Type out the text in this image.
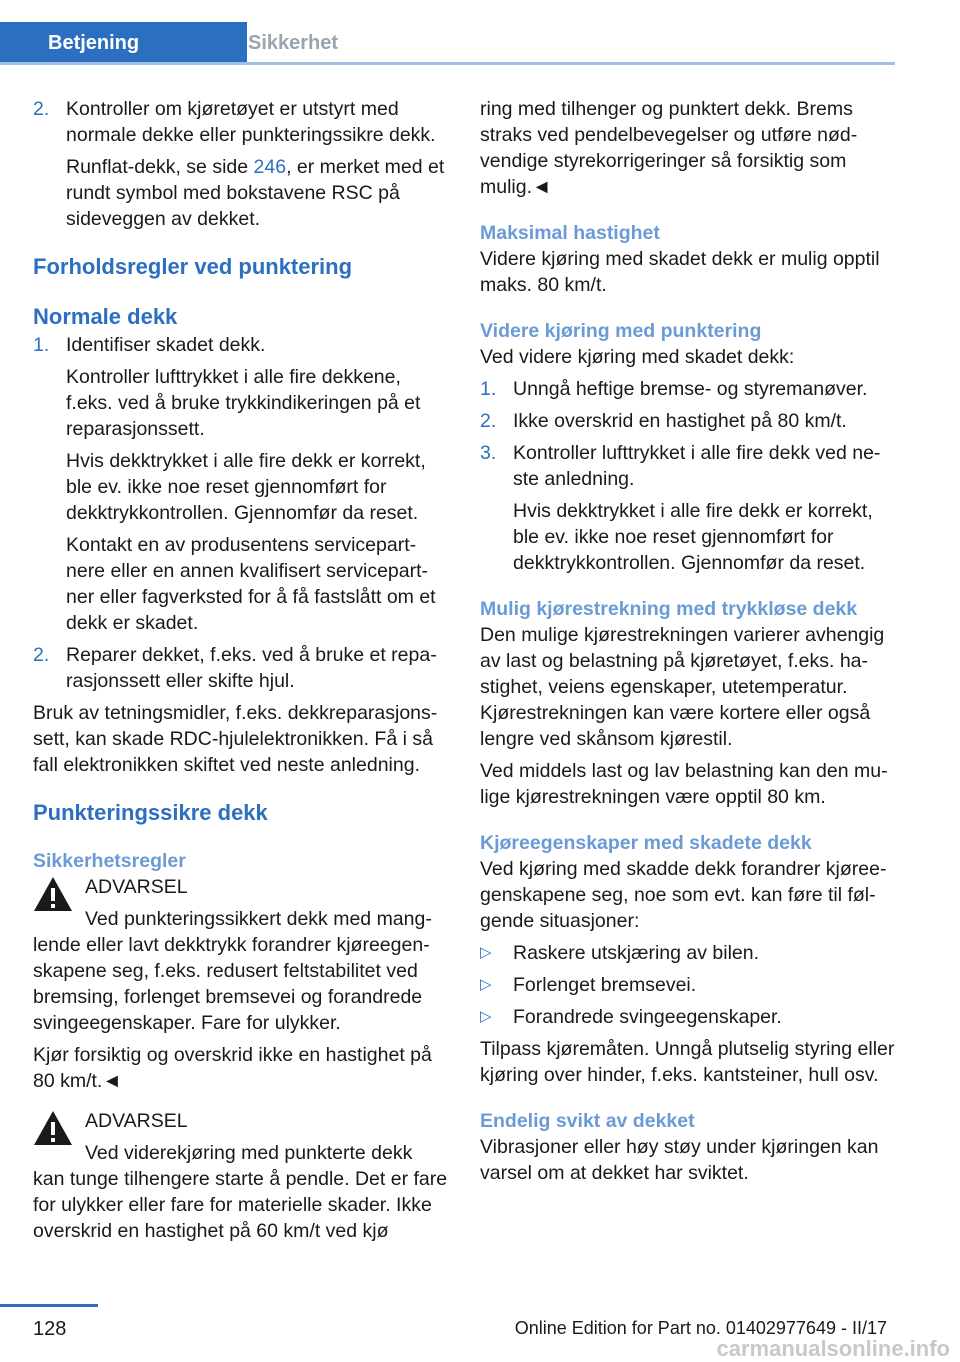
Betjening	Sikkerhet
2. Kontroller om kjøretøyet er utstyrt med normale dekke eller punkteringssikre dekk.

Runflat-dekk, se side 246, er merket med et rundt symbol med bokstavene RSC på sideveggen av dekket.

Forholdsregler ved punktering
Normale dekk
1. Identifiser skadet dekk.

Kontroller lufttrykket i alle fire dekkene, f.eks. ved å bruke trykkindikeringen på et reparasjonssett.

Hvis dekktrykket i alle fire dekk er korrekt, ble ev. ikke noe reset gjennomført for dekktrykkontrollen. Gjennomfør da reset.

Kontakt en av produsentens servicepartnere eller en annen kvalifisert servicepartner eller fagverksted for å få fastslått om et dekk er skadet.

2. Reparer dekket, f.eks. ved å bruke et reparasjonssett eller skifte hjul.

Bruk av tetningsmidler, f.eks. dekkreparasjonssett, kan skade RDC-hjulelektronikken. Få i så fall elektronikken skiftet ved neste anledning.

Punkteringssikre dekk
Sikkerhetsregler

ADVARSEL

Ved punkteringssikkert dekk med manglende eller lavt dekktrykk forandrer kjøreegenskapene seg, f.eks. redusert feltstabilitet ved bremsing, forlenget bremsevei og forandrede svingeegenskaper. Fare for ulykker.

Kjør forsiktig og overskrid ikke en hastighet på 80 km/t.◄

ADVARSEL

Ved viderekjøring med punkterte dekk kan tunge tilhengere starte å pendle. Det er fare for ulykker eller fare for materielle skader. Ikke overskrid en hastighet på 60 km/t ved kjø

ring med tilhenger og punktert dekk. Brems straks ved pendelbevegelser og utføre nødvendige styrekorrigeringer så forsiktig som mulig.◄

Maksimal hastighet

Videre kjøring med skadet dekk er mulig opptil maks. 80 km/t.

Videre kjøring med punktering

Ved videre kjøring med skadet dekk:

1. Unngå heftige bremse- og styremanøver.

2. Ikke overskrid en hastighet på 80 km/t.

3. Kontroller lufttrykket i alle fire dekk ved neste anledning.

Hvis dekktrykket i alle fire dekk er korrekt, ble ev. ikke noe reset gjennomført for dekktrykkontrollen. Gjennomfør da reset.

Mulig kjørestrekning med trykkløse dekk

Den mulige kjørestrekningen varierer avhengig av last og belastning på kjøretøyet, f.eks. hastighet, veiens egenskaper, utetemperatur. Kjørestrekningen kan være kortere eller også lengre ved skånsom kjørestil.

Ved middels last og lav belastning kan den mulige kjørestrekningen være opptil 80 km.

Kjøreegenskaper med skadete dekk

Ved kjøring med skadde dekk forandrer kjøreegenskapene seg, noe som evt. kan føre til følgende situasjoner:

▷ Raskere utskjæring av bilen.

▷ Forlenget bremsevei.

▷ Forandrede svingeegenskaper.

Tilpass kjøremåten. Unngå plutselig styring eller kjøring over hinder, f.eks. kantsteiner, hull osv.

Endelig svikt av dekket

Vibrasjoner eller høy støy under kjøringen kan varsel om at dekket har sviktet.

128	Online Edition for Part no. 01402977649 - II/17
carmanualsonline.info
